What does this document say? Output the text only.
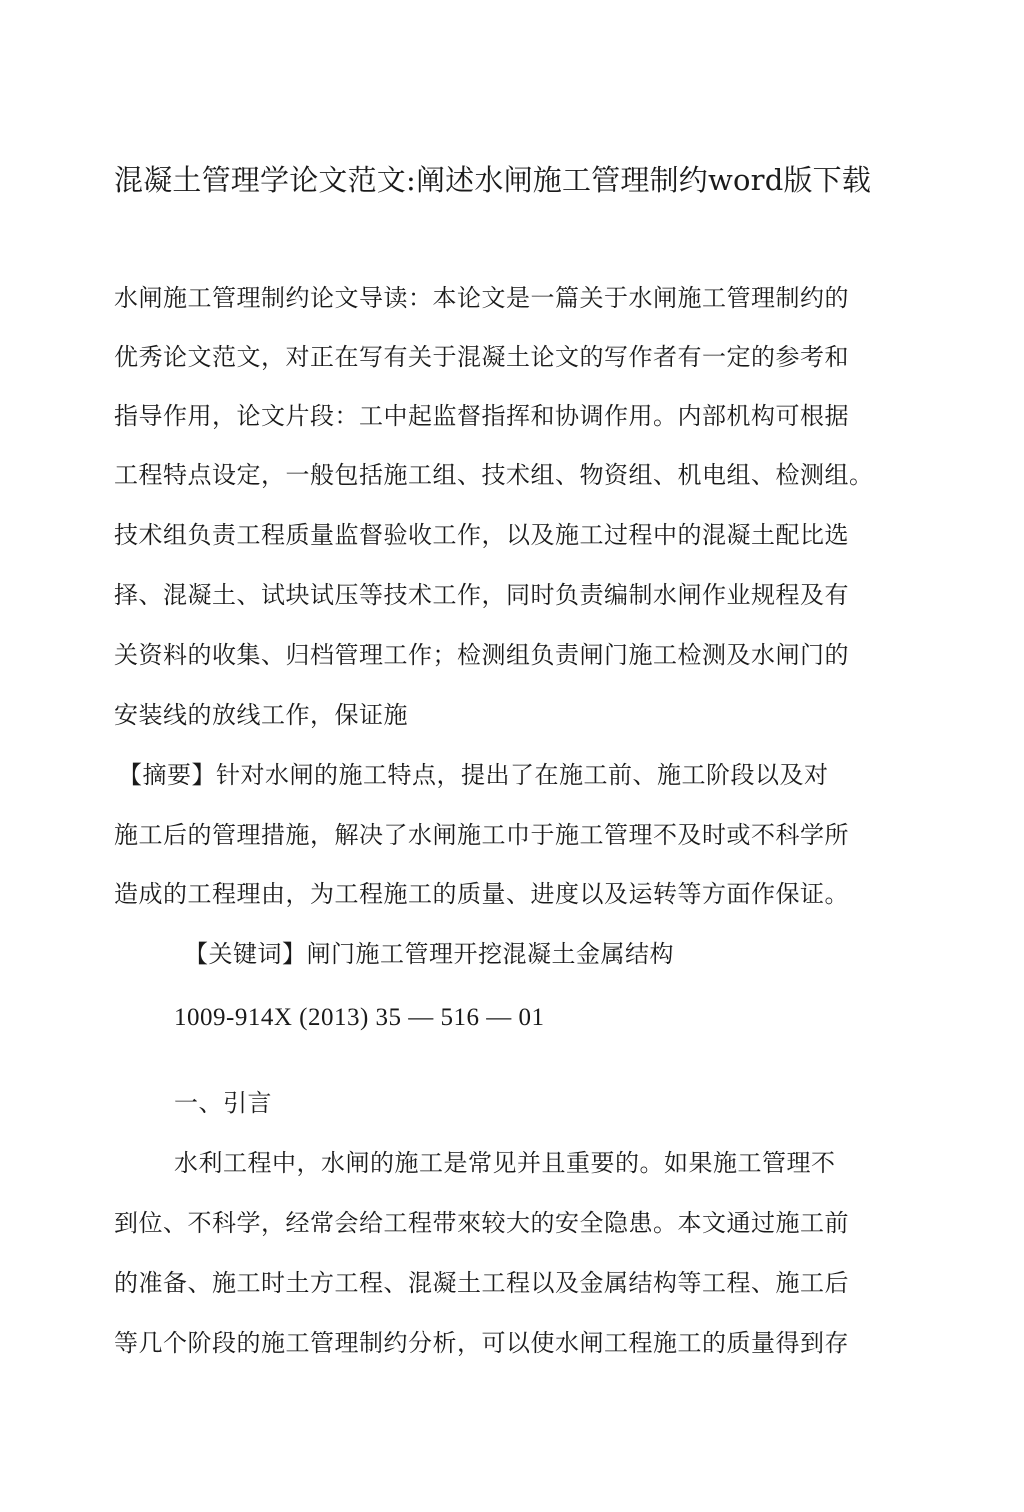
混凝土管理学论文范文:阐述水闸施工管理制约word版下载
水闸施工管理制约论文导读：本论文是一篇关于水闸施工管理制约的
优秀论文范文，对正在写有关于混凝土论文的写作者有一定的参考和
指导作用，论文片段：工中起监督指挥和协调作用。内部机构可根据
工程特点设定，一般包括施工组、技术组、物资组、机电组、检测组。
技术组负责工程质量监督验收工作，以及施工过程中的混凝土配比选
择、混凝土、试块试压等技术工作，同时负责编制水闸作业规程及有
关资料的收集、归档管理工作；检测组负责闸门施工检测及水闸门的
安装线的放线工作，保证施
【摘要】针对水闸的施工特点，提出了在施工前、施工阶段以及对
施工后的管理措施，解决了水闸施工巾于施工管理不及时或不科学所
造成的工程理由，为工程施工的质量、进度以及运转等方面作保证。
【关键词】闸门施工管理开挖混凝土金属结构
1009-914X (2013) 35 — 516 — 01
一、引言
水利工程中，水闸的施工是常见并且重要的。如果施工管理不
到位、不科学，经常会给工程带來较大的安全隐患。本文通过施工前
的准备、施工时土方工程、混凝土工程以及金属结构等工程、施工后
等几个阶段的施工管理制约分析，可以使水闸工程施工的质量得到存
